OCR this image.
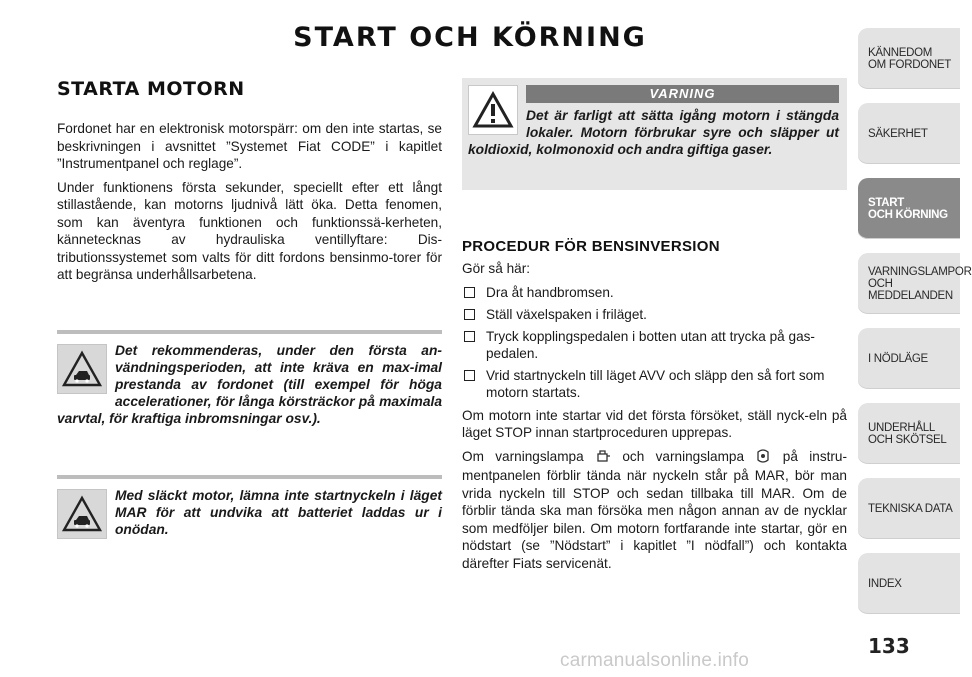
START OCH KÖRNING
STARTA MOTORN

Fordonet har en elektronisk motorspärr: om den inte startas, se beskrivningen i avsnittet ”Systemet Fiat CODE” i kapitlet ”Instrumentpanel och reglage”.

Under funktionens första sekunder, speciellt efter ett långt stillastående, kan motorns ljudnivå lätt öka. Detta fenomen, som kan äventyra funktionen och funktionssä-kerheten, kännetecknas av hydrauliska ventillyftare: Dis-tributionssystemet som valts för ditt fordons bensinmo-torer för att begränsa underhållsarbetena.

Det rekommenderas, under den första an-vändningsperioden, att inte kräva en max-imal prestanda av fordonet (till exempel för höga accelerationer, för långa körsträckor på maximala varvtal, för kraftiga inbromsningar osv.).
Med släckt motor, lämna inte startnyckeln i läget MAR för att undvika att batteriet laddas ur i onödan.
VARNING
Det är farligt att sätta igång motorn i stängda lokaler. Motorn förbrukar syre och släpper ut koldioxid, kolmonoxid och andra giftiga gaser.
PROCEDUR FÖR BENSINVERSION

Gör så här:

Dra åt handbromsen.
Ställ växelspaken i friläget.
Tryck kopplingspedalen i botten utan att trycka på gas-pedalen.
Vrid startnyckeln till läget AVV och släpp den så fort som motorn startats.

Om motorn inte startar vid det första försöket, ställ nyck-eln på läget STOP innan startproceduren upprepas.

Om varningslampa	och varningslampa	på instru-mentpanelen förblir tända när nyckeln står på MAR, bör man vrida nyckeln till STOP och sedan tillbaka till MAR. Om de förblir tända ska man försöka men någon annan av de nycklar som medföljer bilen. Om motorn fortfarande inte startar, gör en nödstart (se ”Nödstart” i kapitlet ”I nödfall”) och kontakta därefter Fiats servicenät.

KÄNNEDOM
OM FORDONET
SÄKERHET
START
OCH KÖRNING
VARNINGSLAMPOR
OCH
MEDDELANDEN
I NÖDLÄGE
UNDERHÅLL
OCH SKÖTSEL
TEKNISKA DATA
INDEX
133
carmanualsonline.info
